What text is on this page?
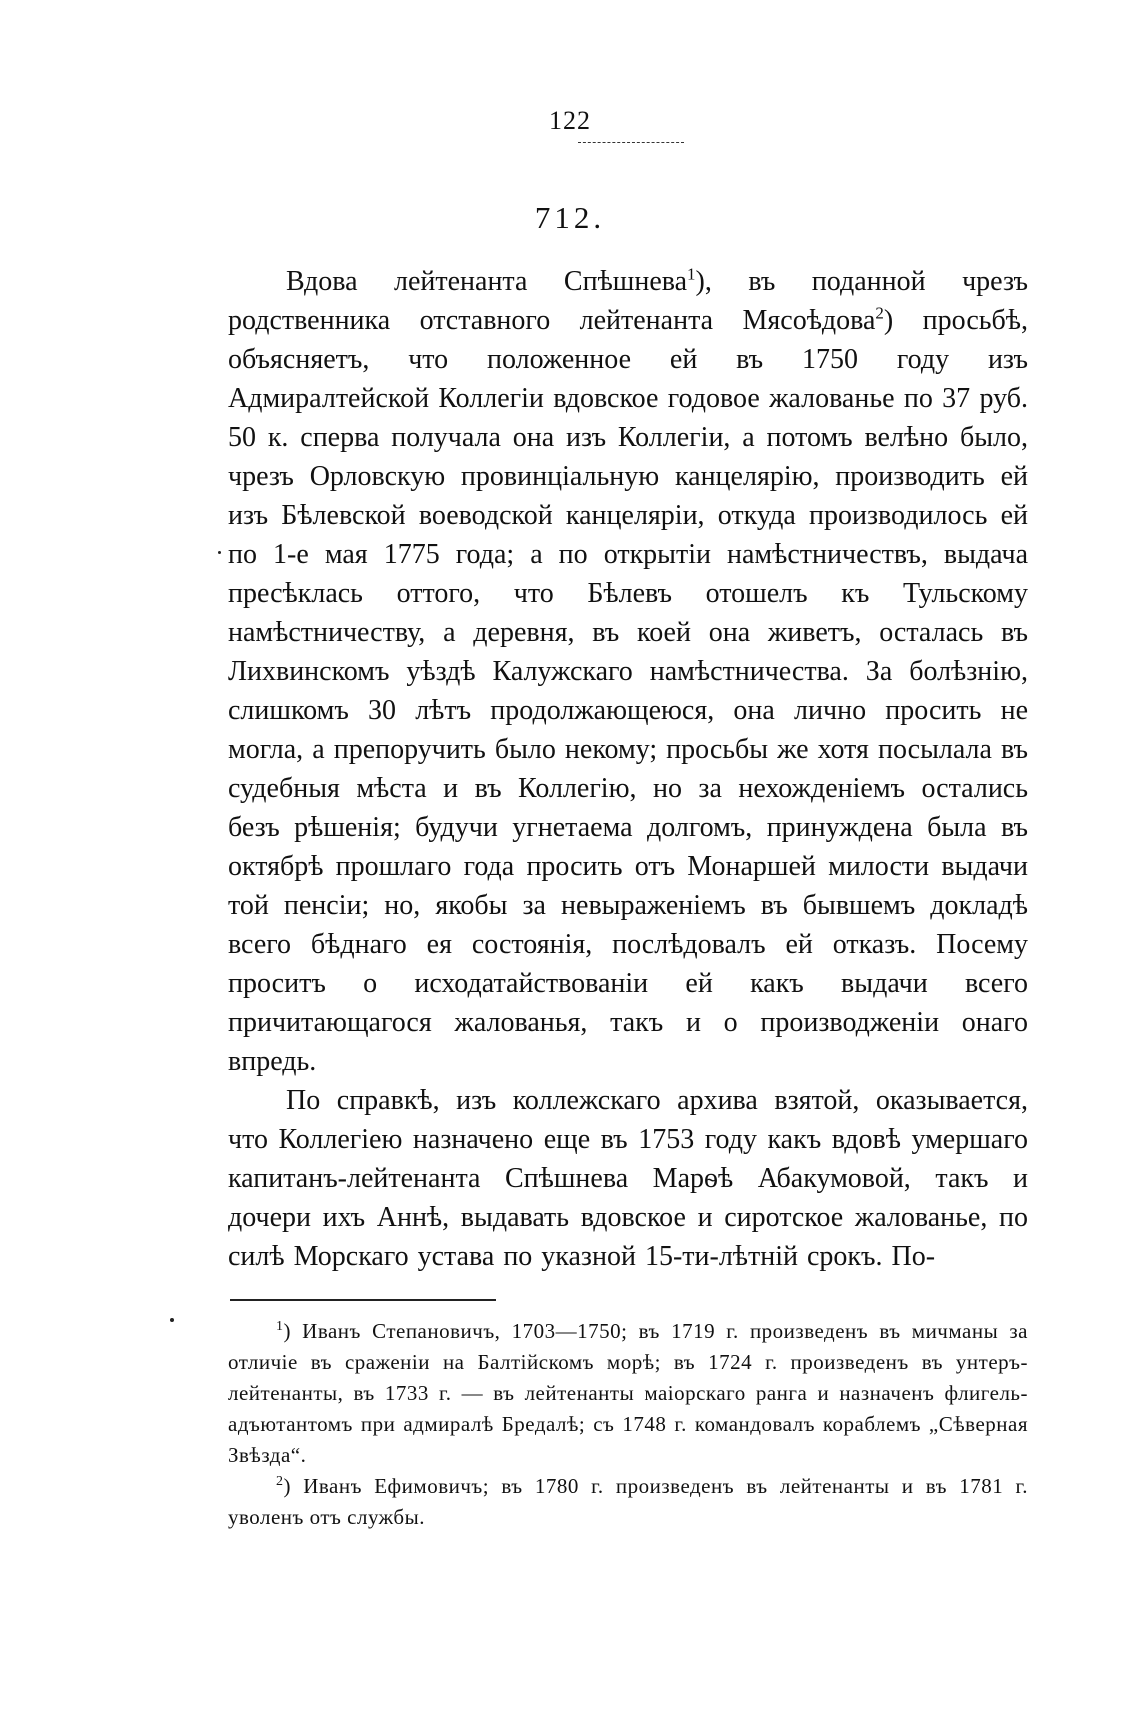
122
712.

Вдова лейтенанта Спѣшнева$^1$), въ поданной чрезъ родственника отставного лейтенанта Мясоѣдова$^2$) просьбѣ, объясняетъ, что положенное ей въ 1750 году изъ Адмиралтейской Коллегіи вдовское годовое жалованье по 37 руб. 50 к. сперва получала она изъ Коллегіи, а потомъ велѣно было, чрезъ Орловскую провинціальную канцелярію, производить ей изъ Бѣлевской воеводской канцеляріи, откуда производилось ей по 1-е мая 1775 года; а по открытіи намѣстничествъ, выдача пресѣклась оттого, что Бѣлевъ отошелъ къ Тульскому намѣстничеству, а деревня, въ коей она живетъ, осталась въ Лихвинскомъ уѣздѣ Калужскаго намѣстничества. За болѣзнію, слишкомъ 30 лѣтъ продолжающеюся, она лично просить не могла, а препоручить было некому; просьбы же хотя посылала въ судебныя мѣста и въ Коллегію, но за нехожденіемъ остались безъ рѣшенія; будучи угнетаема долгомъ, принуждена была въ октябрѣ прошлаго года просить отъ Монаршей милости выдачи той пенсіи; но, якобы за невыраженіемъ въ бывшемъ докладѣ всего бѣднаго ея состоянія, послѣдовалъ ей отказъ. Посему проситъ о исходатайствованіи ей какъ выдачи всего причитающагося жалованья, такъ и о производженіи онаго впредь.

По справкѣ, изъ коллежскаго архива взятой, оказывается, что Коллегіею назначено еще въ 1753 году какъ вдовѣ умершаго капитанъ-лейтенанта Спѣшнева Марѳѣ Абакумовой, такъ и дочери ихъ Аннѣ, выдавать вдовское и сиротское жалованье, по силѣ Морскаго устава по указной 15-ти-лѣтній срокъ. По-

$^1$) Иванъ Степановичъ, 1703—1750; въ 1719 г. произведенъ въ мичманы за отличіе въ сраженіи на Балтійскомъ морѣ; въ 1724 г. произведенъ въ унтеръ-лейтенанты, въ 1733 г. — въ лейтенанты маіорскаго ранга и назначенъ флигель-адъютантомъ при адмиралѣ Бредалѣ; съ 1748 г. командовалъ кораблемъ „Сѣверная Звѣзда“.

$^2$) Иванъ Ефимовичъ; въ 1780 г. произведенъ въ лейтенанты и въ 1781 г. уволенъ отъ службы.
